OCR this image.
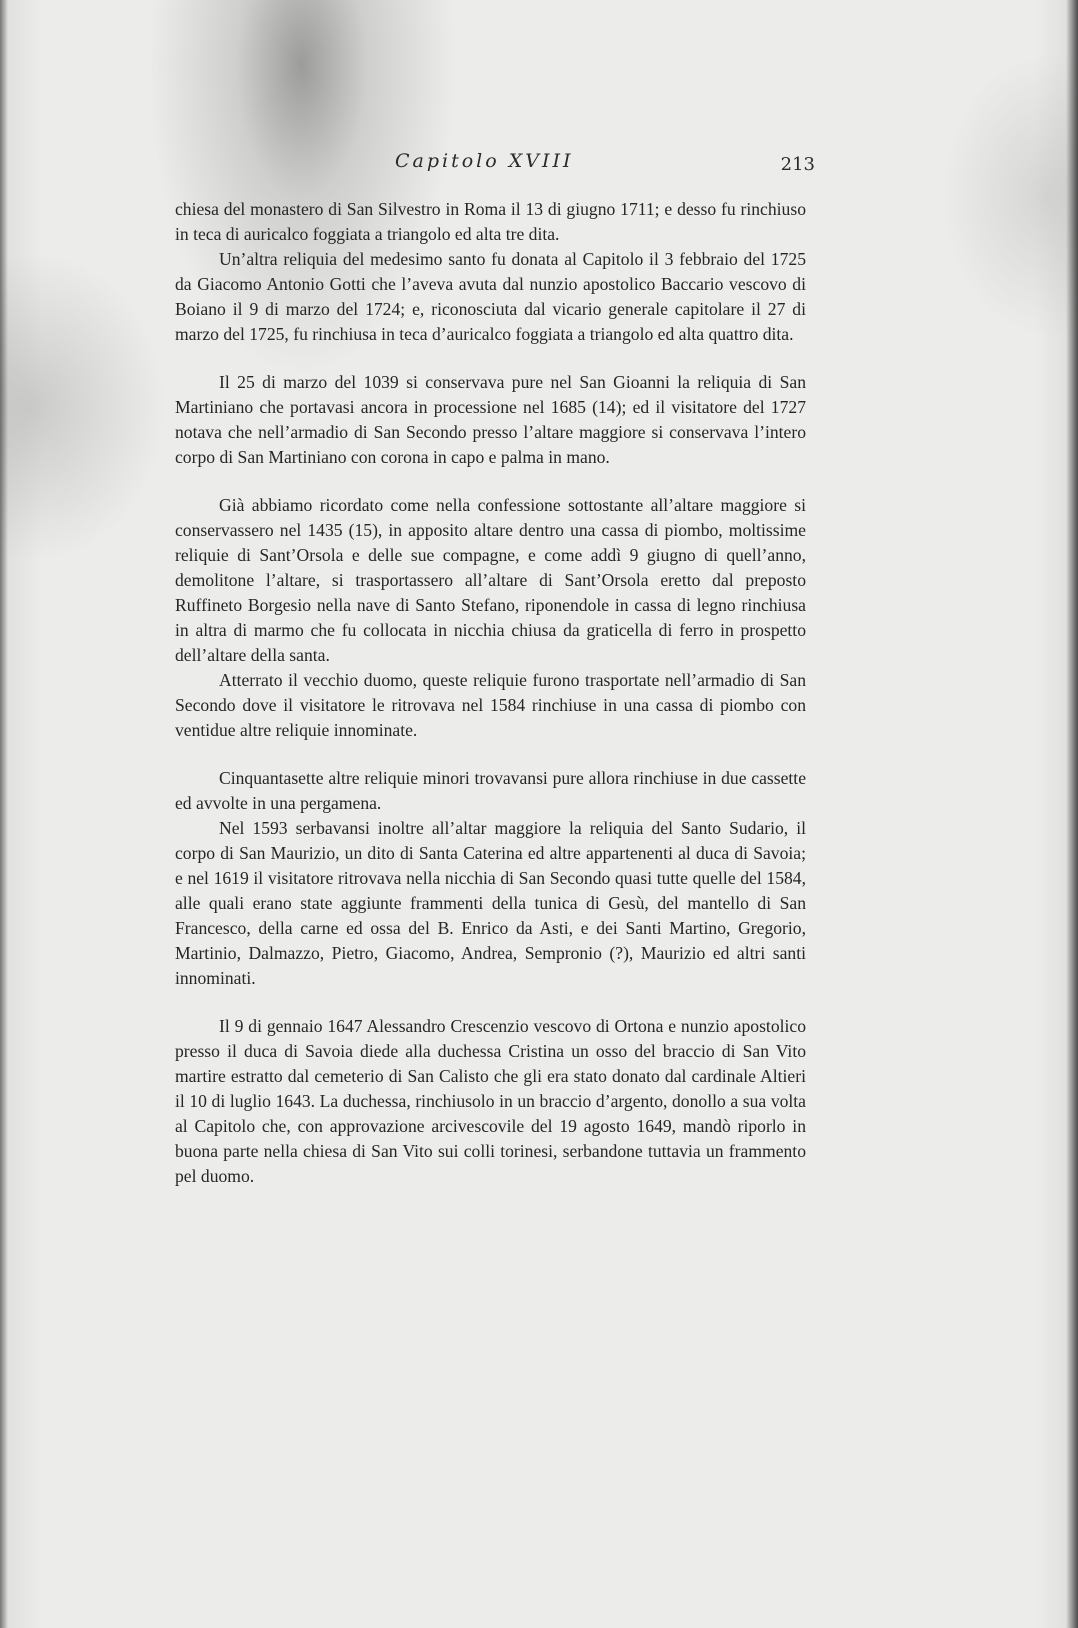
Capitolo XVIII	213

chiesa del monastero di San Silvestro in Roma il 13 di giugno 1711; e desso fu rinchiuso in teca di auricalco foggiata a triangolo ed alta tre dita.

Un’altra reliquia del medesimo santo fu donata al Capitolo il 3 febbraio del 1725 da Giacomo Antonio Gotti che l’aveva avuta dal nunzio apostolico Baccario vescovo di Boiano il 9 di marzo del 1724; e, riconosciuta dal vicario generale capitolare il 27 di marzo del 1725, fu rinchiusa in teca d’auricalco foggiata a triangolo ed alta quattro dita.

Il 25 di marzo del 1039 si conservava pure nel San Gioanni la reliquia di San Martiniano che portavasi ancora in processione nel 1685 (14); ed il visitatore del 1727 notava che nell’armadio di San Secondo presso l’altare maggiore si conservava l’intero corpo di San Martiniano con corona in capo e palma in mano.

Già abbiamo ricordato come nella confessione sottostante all’altare maggiore si conservassero nel 1435 (15), in apposito altare dentro una cassa di piombo, moltissime reliquie di Sant’Orsola e delle sue compagne, e come addì 9 giugno di quell’anno, demolitone l’altare, si trasportassero all’altare di Sant’Orsola eretto dal preposto Ruffineto Borgesio nella nave di Santo Stefano, riponendole in cassa di legno rinchiusa in altra di marmo che fu collocata in nicchia chiusa da graticella di ferro in prospetto dell’altare della santa.

Atterrato il vecchio duomo, queste reliquie furono trasportate nell’armadio di San Secondo dove il visitatore le ritrovava nel 1584 rinchiuse in una cassa di piombo con ventidue altre reliquie innominate.

Cinquantasette altre reliquie minori trovavansi pure allora rinchiuse in due cassette ed avvolte in una pergamena.

Nel 1593 serbavansi inoltre all’altar maggiore la reliquia del Santo Sudario, il corpo di San Maurizio, un dito di Santa Caterina ed altre appartenenti al duca di Savoia; e nel 1619 il visitatore ritrovava nella nicchia di San Secondo quasi tutte quelle del 1584, alle quali erano state aggiunte frammenti della tunica di Gesù, del mantello di San Francesco, della carne ed ossa del B. Enrico da Asti, e dei Santi Martino, Gregorio, Martinio, Dalmazzo, Pietro, Giacomo, Andrea, Sempronio (?), Maurizio ed altri santi innominati.

Il 9 di gennaio 1647 Alessandro Crescenzio vescovo di Ortona e nunzio apostolico presso il duca di Savoia diede alla duchessa Cristina un osso del braccio di San Vito martire estratto dal cemeterio di San Calisto che gli era stato donato dal cardinale Altieri il 10 di luglio 1643. La duchessa, rinchiusolo in un braccio d’argento, donollo a sua volta al Capitolo che, con approvazione arcivescovile del 19 agosto 1649, mandò riporlo in buona parte nella chiesa di San Vito sui colli torinesi, serbandone tuttavia un frammento pel duomo.
